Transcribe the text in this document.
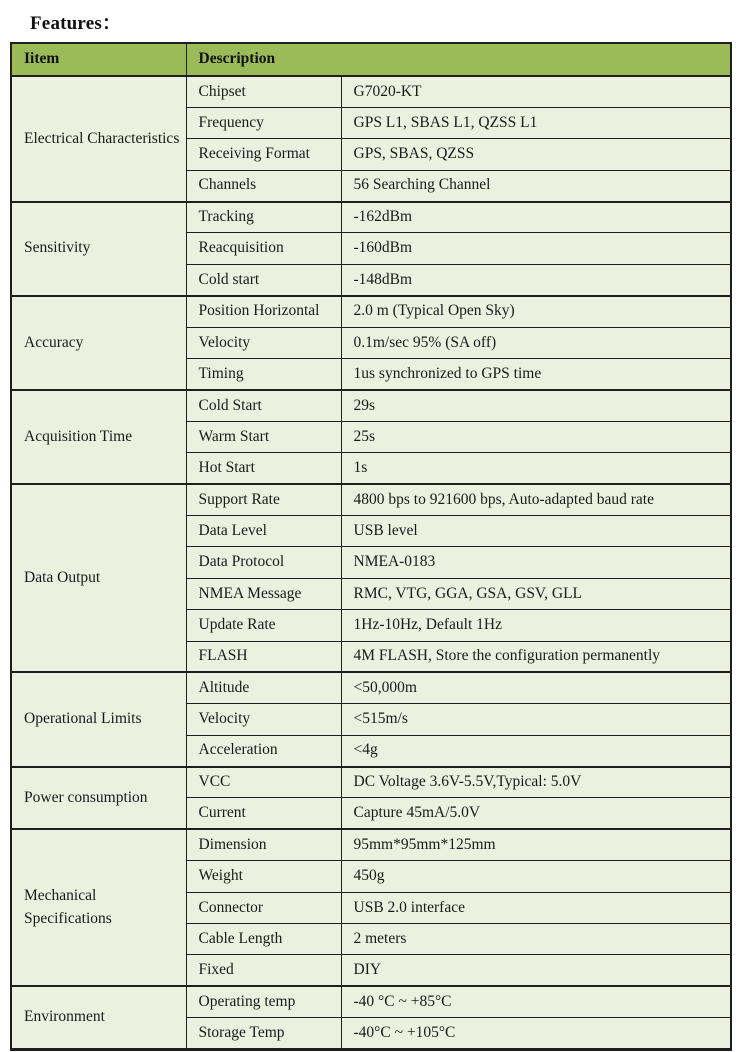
Features：
Iitem	Description	
Electrical Characteristics	Chipset	G7020-KT
	Frequency	GPS L1, SBAS L1, QZSS L1
	Receiving Format	GPS, SBAS, QZSS
	Channels	56 Searching Channel
Sensitivity	Tracking	-162dBm
	Reacquisition	-160dBm
	Cold start	-148dBm
Accuracy	Position Horizontal	2.0 m (Typical Open Sky)
	Velocity	0.1m/sec 95% (SA off)
	Timing	1us synchronized to GPS time
Acquisition Time	Cold Start	29s
	Warm Start	25s
	Hot Start	1s
Data Output	Support Rate	4800 bps to 921600 bps, Auto-adapted baud rate
	Data Level	USB level
	Data Protocol	NMEA-0183
	NMEA Message	RMC, VTG, GGA, GSA, GSV, GLL
	Update Rate	1Hz-10Hz, Default 1Hz
	FLASH	4M FLASH, Store the configuration permanently
Operational Limits	Altitude	<50,000m
	Velocity	<515m/s
	Acceleration	<4g
Power consumption	VCC	DC Voltage 3.6V-5.5V,Typical: 5.0V
	Current	Capture 45mA/5.0V
Mechanical Specifications	Dimension	95mm*95mm*125mm
	Weight	450g
	Connector	USB 2.0 interface
	Cable Length	2 meters
	Fixed	DIY
Environment	Operating temp	-40 °C ~ +85°C
	Storage Temp	-40°C ~ +105°C
